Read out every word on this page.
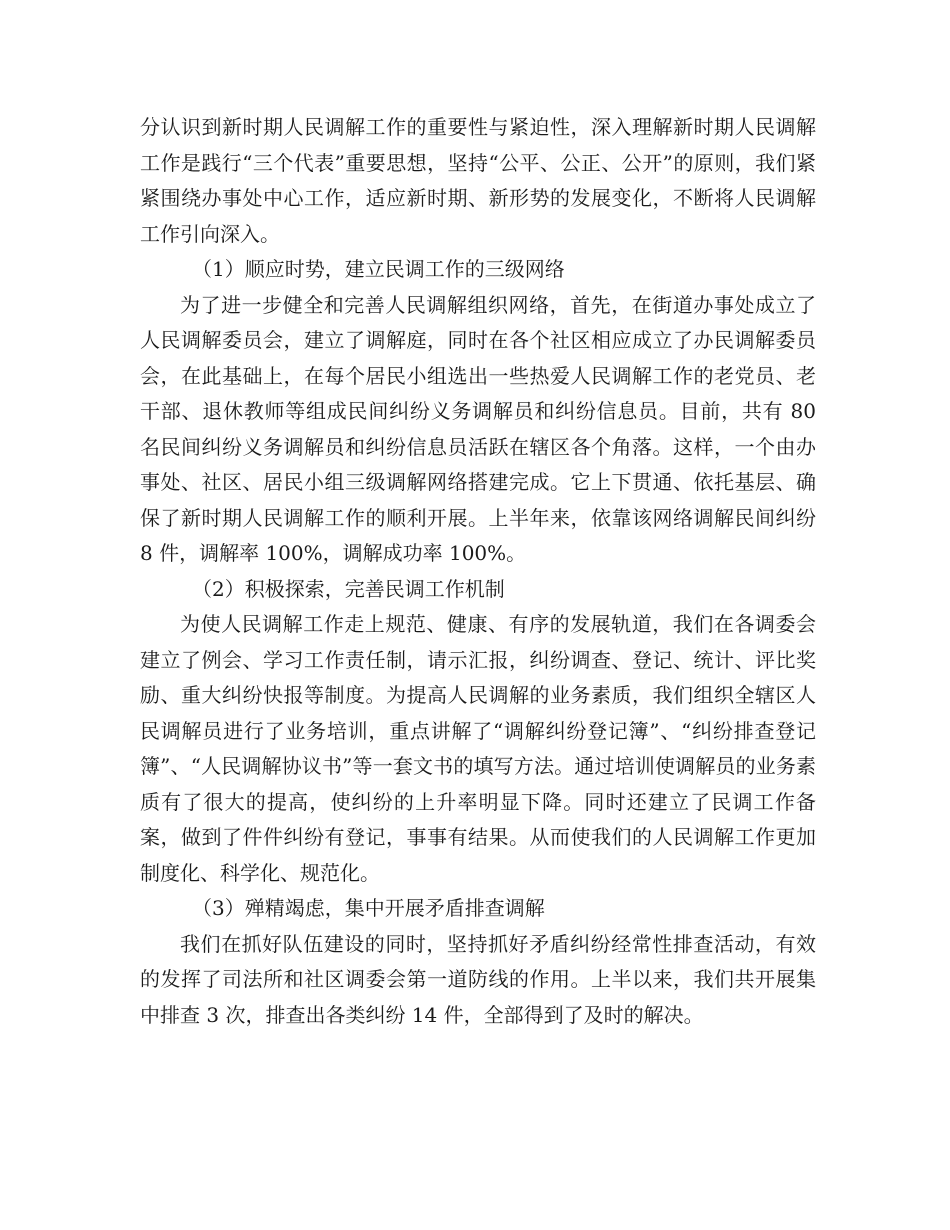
分认识到新时期人民调解工作的重要性与紧迫性，深入理解新时期人民调解工作是践行“三个代表”重要思想，坚持“公平、公正、公开”的原则，我们紧紧围绕办事处中心工作，适应新时期、新形势的发展变化，不断将人民调解工作引向深入。

（1）顺应时势，建立民调工作的三级网络

为了进一步健全和完善人民调解组织网络，首先，在街道办事处成立了人民调解委员会，建立了调解庭，同时在各个社区相应成立了办民调解委员会，在此基础上，在每个居民小组选出一些热爱人民调解工作的老党员、老干部、退休教师等组成民间纠纷义务调解员和纠纷信息员。目前，共有 80 名民间纠纷义务调解员和纠纷信息员活跃在辖区各个角落。这样，一个由办事处、社区、居民小组三级调解网络搭建完成。它上下贯通、依托基层、确保了新时期人民调解工作的顺利开展。上半年来，依靠该网络调解民间纠纷 8 件，调解率 100%，调解成功率 100%。

（2）积极探索，完善民调工作机制

为使人民调解工作走上规范、健康、有序的发展轨道，我们在各调委会建立了例会、学习工作责任制，请示汇报，纠纷调查、登记、统计、评比奖励、重大纠纷快报等制度。为提高人民调解的业务素质，我们组织全辖区人民调解员进行了业务培训，重点讲解了“调解纠纷登记簿”、“纠纷排查登记簿”、“人民调解协议书”等一套文书的填写方法。通过培训使调解员的业务素质有了很大的提高，使纠纷的上升率明显下降。同时还建立了民调工作备案，做到了件件纠纷有登记，事事有结果。从而使我们的人民调解工作更加制度化、科学化、规范化。

（3）殚精竭虑，集中开展矛盾排查调解

我们在抓好队伍建设的同时，坚持抓好矛盾纠纷经常性排查活动，有效的发挥了司法所和社区调委会第一道防线的作用。上半以来，我们共开展集中排查 3 次，排查出各类纠纷 14 件，全部得到了及时的解决。
